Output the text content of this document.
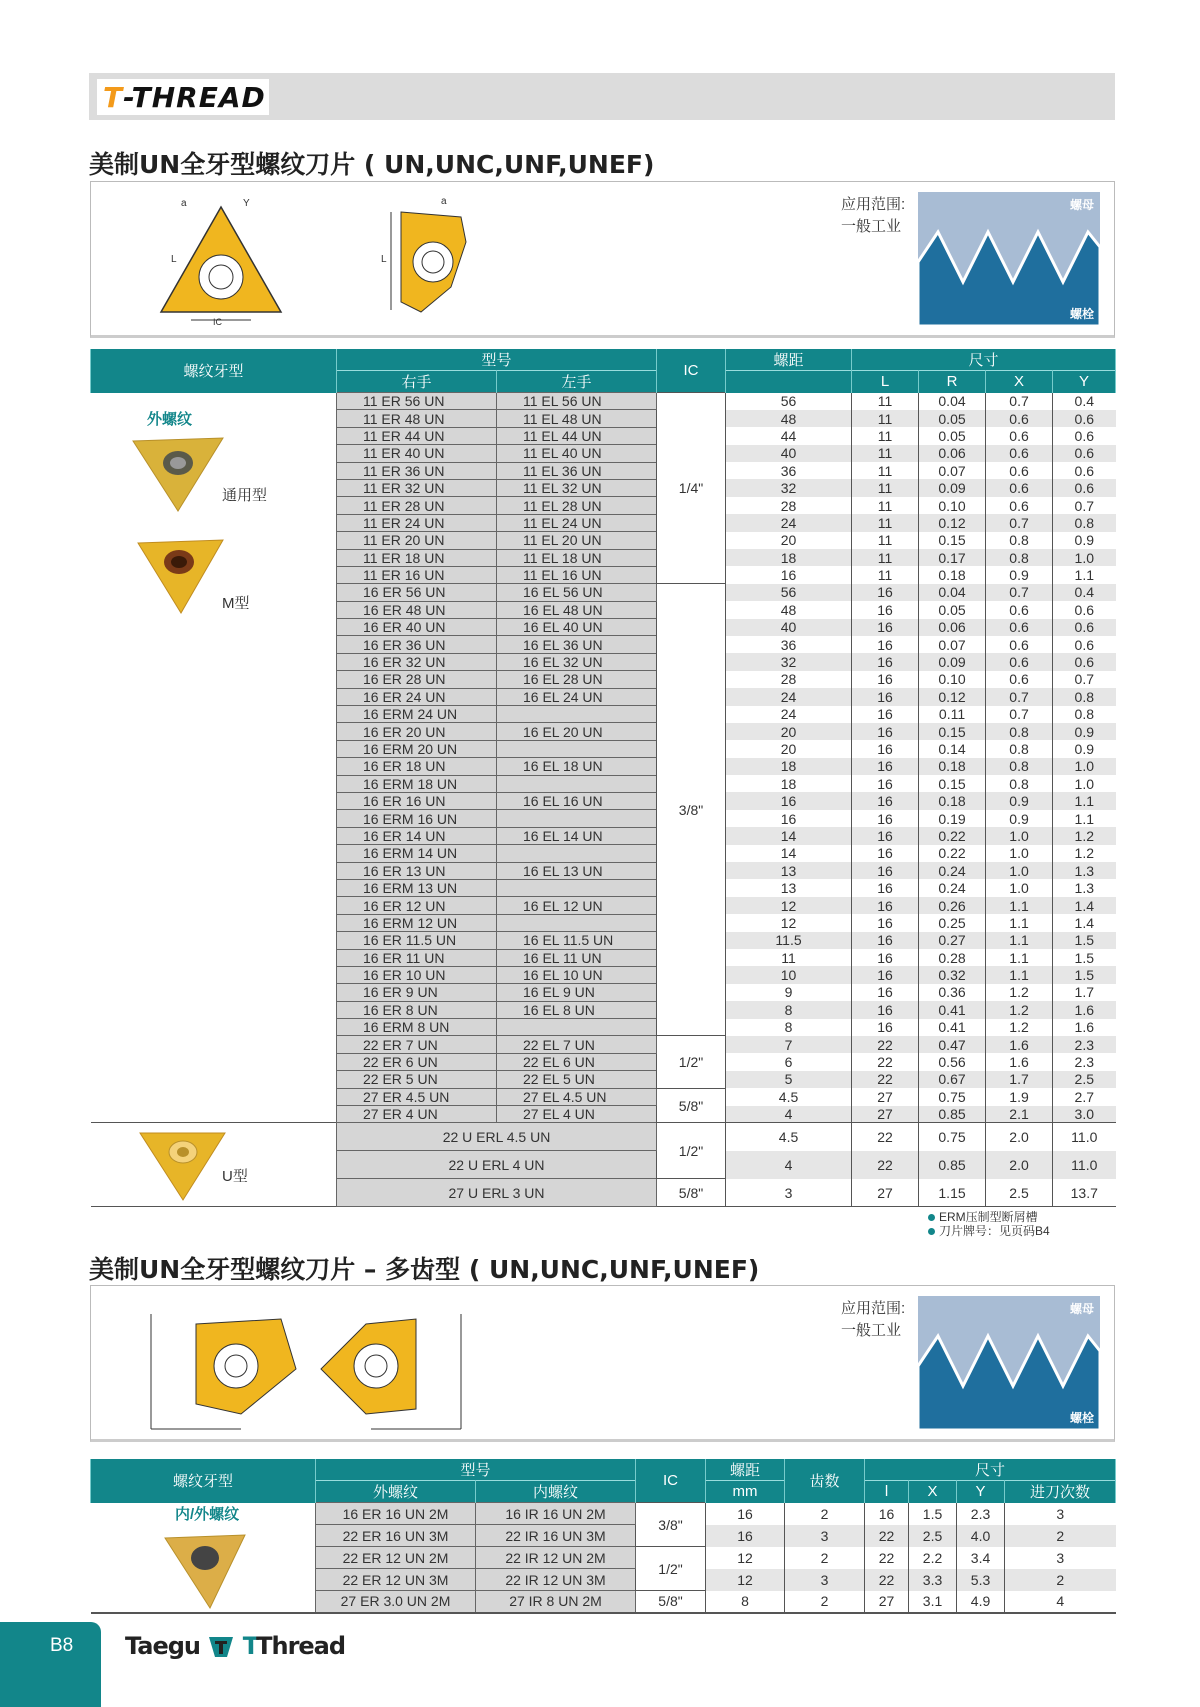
T -THREAD
美制UN全牙型螺纹刀片 ( UN,UNC,UNF,UNEF)
IC
a	Y
L	L
a	应用范围:
一般工业
螺母
螺栓
螺纹牙型	型号		IC	螺距	尺寸			
	右手	左手			L	R	X	Y
	11 ER 56 UN	11 EL 56 UN	1/4"	56	11	0.04	0.7	0.4
	11 ER 48 UN	11 EL 48 UN		48	11	0.05	0.6	0.6
	11 ER 44 UN	11 EL 44 UN		44	11	0.05	0.6	0.6
	11 ER 40 UN	11 EL 40 UN		40	11	0.06	0.6	0.6
	11 ER 36 UN	11 EL 36 UN		36	11	0.07	0.6	0.6
	11 ER 32 UN	11 EL 32 UN		32	11	0.09	0.6	0.6
	11 ER 28 UN	11 EL 28 UN		28	11	0.10	0.6	0.7
	11 ER 24 UN	11 EL 24 UN		24	11	0.12	0.7	0.8
	11 ER 20 UN	11 EL 20 UN		20	11	0.15	0.8	0.9
	11 ER 18 UN	11 EL 18 UN		18	11	0.17	0.8	1.0
	11 ER 16 UN	11 EL 16 UN		16	11	0.18	0.9	1.1
	16 ER 56 UN	16 EL 56 UN	3/8"	56	16	0.04	0.7	0.4
	16 ER 48 UN	16 EL 48 UN		48	16	0.05	0.6	0.6
	16 ER 40 UN	16 EL 40 UN		40	16	0.06	0.6	0.6
	16 ER 36 UN	16 EL 36 UN		36	16	0.07	0.6	0.6
	16 ER 32 UN	16 EL 32 UN		32	16	0.09	0.6	0.6
	16 ER 28 UN	16 EL 28 UN		28	16	0.10	0.6	0.7
	16 ER 24 UN	16 EL 24 UN		24	16	0.12	0.7	0.8
	16 ERM 24 UN			24	16	0.11	0.7	0.8
	16 ER 20 UN	16 EL 20 UN		20	16	0.15	0.8	0.9
	16 ERM 20 UN			20	16	0.14	0.8	0.9
	16 ER 18 UN	16 EL 18 UN		18	16	0.18	0.8	1.0
	16 ERM 18 UN			18	16	0.15	0.8	1.0
	16 ER 16 UN	16 EL 16 UN		16	16	0.18	0.9	1.1
	16 ERM 16 UN			16	16	0.19	0.9	1.1
	16 ER 14 UN	16 EL 14 UN		14	16	0.22	1.0	1.2
	16 ERM 14 UN			14	16	0.22	1.0	1.2
	16 ER 13 UN	16 EL 13 UN		13	16	0.24	1.0	1.3
	16 ERM 13 UN			13	16	0.24	1.0	1.3
	16 ER 12 UN	16 EL 12 UN		12	16	0.26	1.1	1.4
	16 ERM 12 UN			12	16	0.25	1.1	1.4
	16 ER 11.5 UN	16 EL 11.5 UN		11.5	16	0.27	1.1	1.5
	16 ER 11 UN	16 EL 11 UN		11	16	0.28	1.1	1.5
	16 ER 10 UN	16 EL 10 UN		10	16	0.32	1.1	1.5
	16 ER 9 UN	16 EL 9 UN		9	16	0.36	1.2	1.7
	16 ER 8 UN	16 EL 8 UN		8	16	0.41	1.2	1.6
	16 ERM 8 UN			8	16	0.41	1.2	1.6
	22 ER 7 UN	22 EL 7 UN	1/2"	7	22	0.47	1.6	2.3
	22 ER 6 UN	22 EL 6 UN		6	22	0.56	1.6	2.3
	22 ER 5 UN	22 EL 5 UN		5	22	0.67	1.7	2.5
	27 ER 4.5 UN	27 EL 4.5 UN	5/8"	4.5	27	0.75	1.9	2.7
	27 ER 4 UN	27 EL 4 UN		4	27	0.85	2.1	3.0
	22 U ERL 4.5 UN		1/2"	4.5	22	0.75	2.0	11.0
	22 U ERL 4 UN			4	22	0.85	2.0	11.0
	27 U ERL 3 UN		5/8"	3	27	1.15	2.5	13.7

外螺纹
通用型
M型
U型
ERM压制型断屑槽
刀片牌号：见页码B4
美制UN全牙型螺纹刀片 – 多齿型 ( UN,UNC,UNF,UNEF)
应用范围:
一般工业
螺母
螺栓
螺纹牙型	型号		IC	螺距	齿数	尺寸			
	外螺纹	内螺纹		mm		l	X	Y	进刀次数
	16 ER 16 UN 2M	16 IR 16 UN 2M	3/8"	16	2	16	1.5	2.3	3
	22 ER 16 UN 3M	22 IR 16 UN 3M		16	3	22	2.5	4.0	2
	22 ER 12 UN 2M	22 IR 12 UN 2M	1/2"	12	2	22	2.2	3.4	3
	22 ER 12 UN 3M	22 IR 12 UN 3M		12	3	22	3.3	5.3	2
	27 ER 3.0 UN 2M	27 IR 8 UN 2M	5/8"	8	2	27	3.1	4.9	4

内/外螺纹
B8	Taegu TThread
